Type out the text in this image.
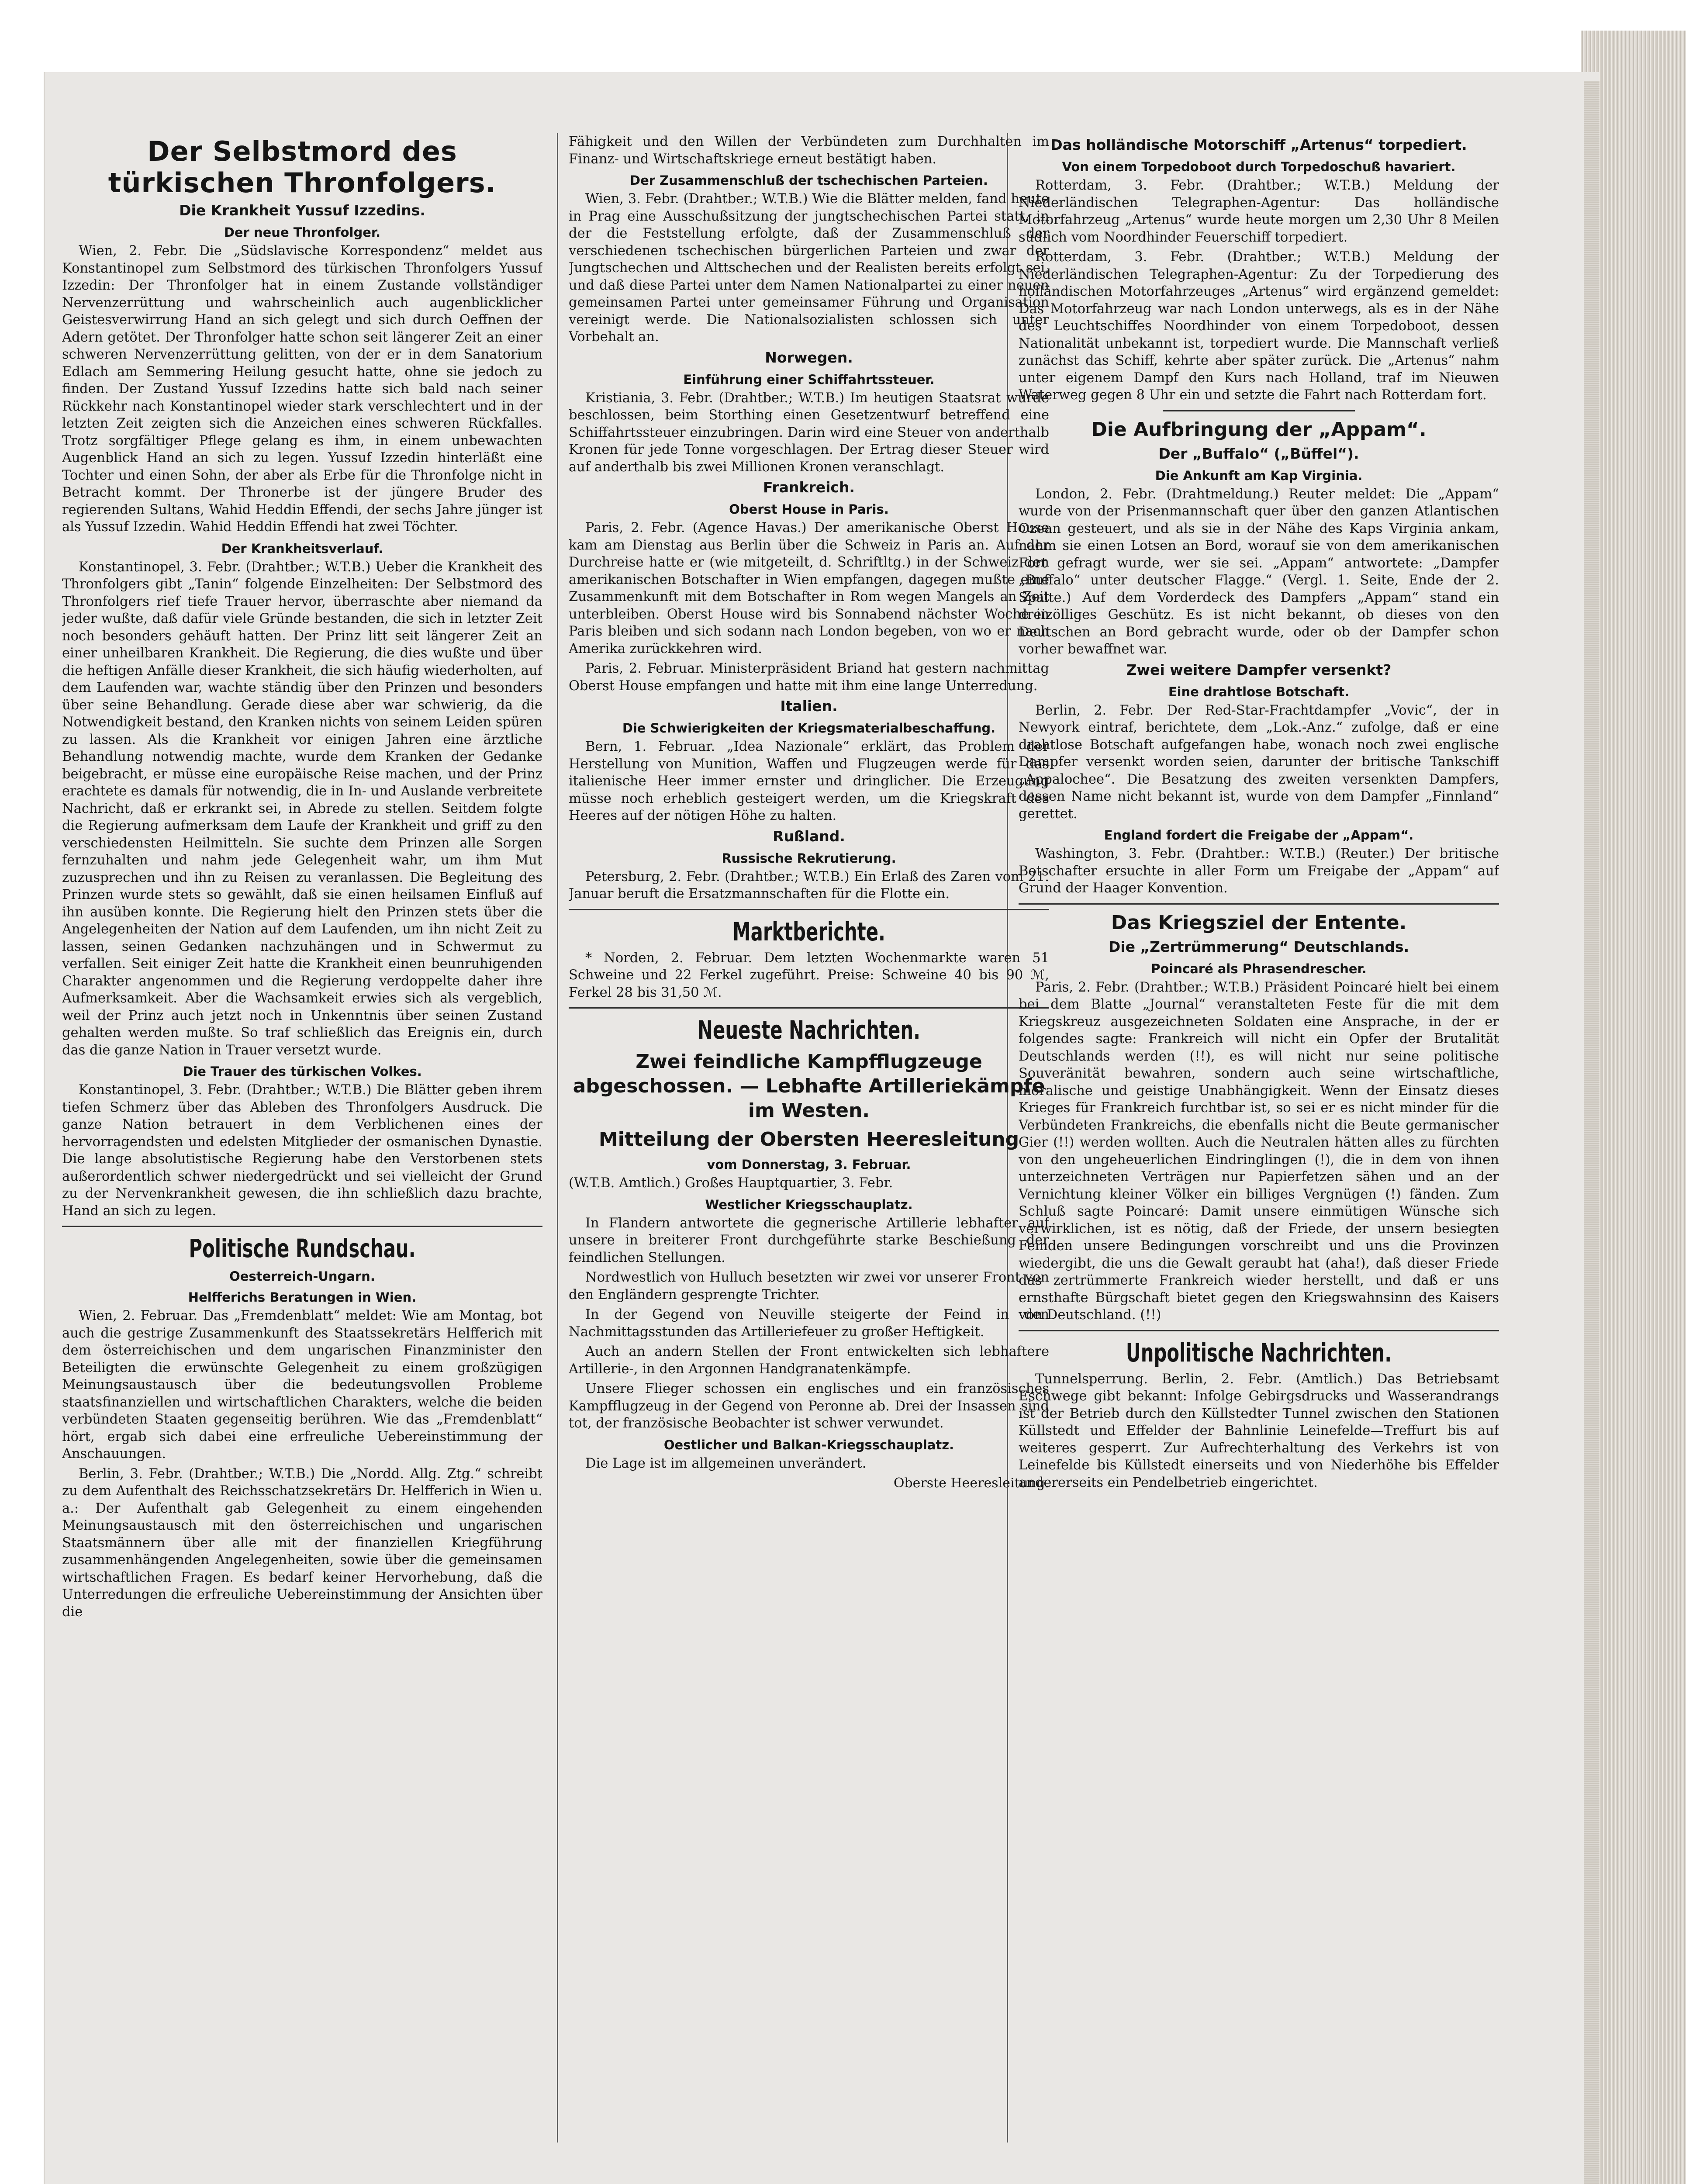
Der Selbstmord des türkischen Thronfolgers.
Die Krankheit Yussuf Izzedins.
Der neue Thronfolger.

Wien, 2. Febr. Die „Südslavische Korrespondenz“ meldet aus Konstantinopel zum Selbstmord des türkischen Thronfolgers Yussuf Izzedin: Der Thronfolger hat in einem Zustande vollständiger Nervenzerrüttung und wahrscheinlich auch augenblicklicher Geistesverwirrung Hand an sich gelegt und sich durch Oeffnen der Adern getötet. Der Thronfolger hatte schon seit längerer Zeit an einer schweren Nervenzerrüttung gelitten, von der er in dem Sanatorium Edlach am Semmering Heilung gesucht hatte, ohne sie jedoch zu finden. Der Zustand Yussuf Izzedins hatte sich bald nach seiner Rückkehr nach Konstantinopel wieder stark verschlechtert und in der letzten Zeit zeigten sich die Anzeichen eines schweren Rückfalles. Trotz sorgfältiger Pflege gelang es ihm, in einem unbewachten Augenblick Hand an sich zu legen. Yussuf Izzedin hinterläßt eine Tochter und einen Sohn, der aber als Erbe für die Thronfolge nicht in Betracht kommt. Der Thronerbe ist der jüngere Bruder des regierenden Sultans, Wahid Heddin Effendi, der sechs Jahre jünger ist als Yussuf Izzedin. Wahid Heddin Effendi hat zwei Töchter.

Der Krankheitsverlauf.

Konstantinopel, 3. Febr. (Drahtber.; W.T.B.) Ueber die Krankheit des Thronfolgers gibt „Tanin“ folgende Einzelheiten: Der Selbstmord des Thronfolgers rief tiefe Trauer hervor, überraschte aber niemand da jeder wußte, daß dafür viele Gründe bestanden, die sich in letzter Zeit noch besonders gehäuft hatten. Der Prinz litt seit längerer Zeit an einer unheilbaren Krankheit. Die Regierung, die dies wußte und über die heftigen Anfälle dieser Krankheit, die sich häufig wiederholten, auf dem Laufenden war, wachte ständig über den Prinzen und besonders über seine Behandlung. Gerade diese aber war schwierig, da die Notwendigkeit bestand, den Kranken nichts von seinem Leiden spüren zu lassen. Als die Krankheit vor einigen Jahren eine ärztliche Behandlung notwendig machte, wurde dem Kranken der Gedanke beigebracht, er müsse eine europäische Reise machen, und der Prinz erachtete es damals für notwendig, die in In- und Auslande verbreitete Nachricht, daß er erkrankt sei, in Abrede zu stellen. Seitdem folgte die Regierung aufmerksam dem Laufe der Krankheit und griff zu den verschiedensten Heilmitteln. Sie suchte dem Prinzen alle Sorgen fernzuhalten und nahm jede Gelegenheit wahr, um ihm Mut zuzusprechen und ihn zu Reisen zu veranlassen. Die Begleitung des Prinzen wurde stets so gewählt, daß sie einen heilsamen Einfluß auf ihn ausüben konnte. Die Regierung hielt den Prinzen stets über die Angelegenheiten der Nation auf dem Laufenden, um ihn nicht Zeit zu lassen, seinen Gedanken nachzuhängen und in Schwermut zu verfallen. Seit einiger Zeit hatte die Krankheit einen beunruhigenden Charakter angenommen und die Regierung verdoppelte daher ihre Aufmerksamkeit. Aber die Wachsamkeit erwies sich als vergeblich, weil der Prinz auch jetzt noch in Unkenntnis über seinen Zustand gehalten werden mußte. So traf schließlich das Ereignis ein, durch das die ganze Nation in Trauer versetzt wurde.

Die Trauer des türkischen Volkes.

Konstantinopel, 3. Febr. (Drahtber.; W.T.B.) Die Blätter geben ihrem tiefen Schmerz über das Ableben des Thronfolgers Ausdruck. Die ganze Nation betrauert in dem Verblichenen eines der hervorragendsten und edelsten Mitglieder der osmanischen Dynastie. Die lange absolutistische Regierung habe den Verstorbenen stets außerordentlich schwer niedergedrückt und sei vielleicht der Grund zu der Nervenkrankheit gewesen, die ihn schließlich dazu brachte, Hand an sich zu legen.

Politische Rundschau.
Oesterreich-Ungarn.
Helfferichs Beratungen in Wien.

Wien, 2. Februar. Das „Fremdenblatt“ meldet: Wie am Montag, bot auch die gestrige Zusammenkunft des Staatssekretärs Helfferich mit dem österreichischen und dem ungarischen Finanzminister den Beteiligten die erwünschte Gelegenheit zu einem großzügigen Meinungsaustausch über die bedeutungsvollen Probleme staatsfinanziellen und wirtschaftlichen Charakters, welche die beiden verbündeten Staaten gegenseitig berühren. Wie das „Fremdenblatt“ hört, ergab sich dabei eine erfreuliche Uebereinstimmung der Anschauungen.

Berlin, 3. Febr. (Drahtber.; W.T.B.) Die „Nordd. Allg. Ztg.“ schreibt zu dem Aufenthalt des Reichsschatzsekretärs Dr. Helfferich in Wien u. a.: Der Aufenthalt gab Gelegenheit zu einem eingehenden Meinungsaustausch mit den österreichischen und ungarischen Staatsmännern über alle mit der finanziellen Kriegführung zusammenhängenden Angelegenheiten, sowie über die gemeinsamen wirtschaftlichen Fragen. Es bedarf keiner Hervorhebung, daß die Unterredungen die erfreuliche Uebereinstimmung der Ansichten über die

Fähigkeit und den Willen der Verbündeten zum Durchhalten im Finanz- und Wirtschaftskriege erneut bestätigt haben.

Der Zusammenschluß der tschechischen Parteien.

Wien, 3. Febr. (Drahtber.; W.T.B.) Wie die Blätter melden, fand heute in Prag eine Ausschußsitzung der jungtschechischen Partei statt, in der die Feststellung erfolgte, daß der Zusammenschluß der verschiedenen tschechischen bürgerlichen Parteien und zwar der Jungtschechen und Alttschechen und der Realisten bereits erfolgt sei, und daß diese Partei unter dem Namen Nationalpartei zu einer neuen gemeinsamen Partei unter gemeinsamer Führung und Organisation vereinigt werde. Die Nationalsozialisten schlossen sich unter Vorbehalt an.

Norwegen.
Einführung einer Schiffahrtssteuer.

Kristiania, 3. Febr. (Drahtber.; W.T.B.) Im heutigen Staatsrat wurde beschlossen, beim Storthing einen Gesetzentwurf betreffend eine Schiffahrtssteuer einzubringen. Darin wird eine Steuer von anderthalb Kronen für jede Tonne vorgeschlagen. Der Ertrag dieser Steuer wird auf anderthalb bis zwei Millionen Kronen veranschlagt.

Frankreich.
Oberst House in Paris.

Paris, 2. Febr. (Agence Havas.) Der amerikanische Oberst House kam am Dienstag aus Berlin über die Schweiz in Paris an. Auf der Durchreise hatte er (wie mitgeteilt, d. Schriftltg.) in der Schweiz den amerikanischen Botschafter in Wien empfangen, dagegen mußte eine Zusammenkunft mit dem Botschafter in Rom wegen Mangels an Zeit unterbleiben. Oberst House wird bis Sonnabend nächster Woche in Paris bleiben und sich sodann nach London begeben, von wo er nach Amerika zurückkehren wird.

Paris, 2. Februar. Ministerpräsident Briand hat gestern nachmittag Oberst House empfangen und hatte mit ihm eine lange Unterredung.

Italien.
Die Schwierigkeiten der Kriegsmaterialbeschaffung.

Bern, 1. Februar. „Idea Nazionale“ erklärt, das Problem der Herstellung von Munition, Waffen und Flugzeugen werde für das italienische Heer immer ernster und dringlicher. Die Erzeugung müsse noch erheblich gesteigert werden, um die Kriegskraft des Heeres auf der nötigen Höhe zu halten.

Rußland.
Russische Rekrutierung.

Petersburg, 2. Febr. (Drahtber.; W.T.B.) Ein Erlaß des Zaren vom 21. Januar beruft die Ersatzmannschaften für die Flotte ein.

Marktberichte.

* Norden, 2. Februar. Dem letzten Wochenmarkte waren 51 Schweine und 22 Ferkel zugeführt. Preise: Schweine 40 bis 90 ℳ, Ferkel 28 bis 31,50 ℳ.

Neueste Nachrichten.
Zwei feindliche Kampfflugzeuge abgeschossen. — Lebhafte Artilleriekämpfe im Westen.
Mitteilung der Obersten Heeresleitung
vom Donnerstag, 3. Februar.

(W.T.B. Amtlich.) Großes Hauptquartier, 3. Febr.

Westlicher Kriegsschauplatz.

In Flandern antwortete die gegnerische Artillerie lebhafter auf unsere in breiterer Front durchgeführte starke Beschießung der feindlichen Stellungen.

Nordwestlich von Hulluch besetzten wir zwei vor unserer Front von den Engländern gesprengte Trichter.

In der Gegend von Neuville steigerte der Feind in den Nachmittagsstunden das Artilleriefeuer zu großer Heftigkeit.

Auch an andern Stellen der Front entwickelten sich lebhaftere Artillerie-, in den Argonnen Handgranatenkämpfe.

Unsere Flieger schossen ein englisches und ein französisches Kampfflugzeug in der Gegend von Peronne ab. Drei der Insassen sind tot, der französische Beobachter ist schwer verwundet.

Oestlicher und Balkan-Kriegsschauplatz.

Die Lage ist im allgemeinen unverändert.

Oberste Heeresleitung.
Das holländische Motorschiff „Artenus“ torpediert.
Von einem Torpedoboot durch Torpedoschuß havariert.

Rotterdam, 3. Febr. (Drahtber.; W.T.B.) Meldung der Niederländischen Telegraphen-Agentur: Das holländische Motorfahrzeug „Artenus“ wurde heute morgen um 2,30 Uhr 8 Meilen südlich vom Noordhinder Feuerschiff torpediert.

Rotterdam, 3. Febr. (Drahtber.; W.T.B.) Meldung der Niederländischen Telegraphen-Agentur: Zu der Torpedierung des holländischen Motorfahrzeuges „Artenus“ wird ergänzend gemeldet: Das Motorfahrzeug war nach London unterwegs, als es in der Nähe des Leuchtschiffes Noordhinder von einem Torpedoboot, dessen Nationalität unbekannt ist, torpediert wurde. Die Mannschaft verließ zunächst das Schiff, kehrte aber später zurück. Die „Artenus“ nahm unter eigenem Dampf den Kurs nach Holland, traf im Nieuwen Waterweg gegen 8 Uhr ein und setzte die Fahrt nach Rotterdam fort.

Die Aufbringung der „Appam“.
Der „Buffalo“ („Büffel“).
Die Ankunft am Kap Virginia.

London, 2. Febr. (Drahtmeldung.) Reuter meldet: Die „Appam“ wurde von der Prisenmannschaft quer über den ganzen Atlantischen Ozean gesteuert, und als sie in der Nähe des Kaps Virginia ankam, nahm sie einen Lotsen an Bord, worauf sie von dem amerikanischen Fort gefragt wurde, wer sie sei. „Appam“ antwortete: „Dampfer „Buffalo“ unter deutscher Flagge.“ (Vergl. 1. Seite, Ende der 2. Spalte.) Auf dem Vorderdeck des Dampfers „Appam“ stand ein dreizölliges Geschütz. Es ist nicht bekannt, ob dieses von den Deutschen an Bord gebracht wurde, oder ob der Dampfer schon vorher bewaffnet war.

Zwei weitere Dampfer versenkt?
Eine drahtlose Botschaft.

Berlin, 2. Febr. Der Red-Star-Frachtdampfer „Vovic“, der in Newyork eintraf, berichtete, dem „Lok.-Anz.“ zufolge, daß er eine drahtlose Botschaft aufgefangen habe, wonach noch zwei englische Dampfer versenkt worden seien, darunter der britische Tankschiff „Appalochee“. Die Besatzung des zweiten versenkten Dampfers, dessen Name nicht bekannt ist, wurde von dem Dampfer „Finnland“ gerettet.

England fordert die Freigabe der „Appam“.

Washington, 3. Febr. (Drahtber.: W.T.B.) (Reuter.) Der britische Botschafter ersuchte in aller Form um Freigabe der „Appam“ auf Grund der Haager Konvention.

Das Kriegsziel der Entente.
Die „Zertrümmerung“ Deutschlands.
Poincaré als Phrasendrescher.

Paris, 2. Febr. (Drahtber.; W.T.B.) Präsident Poincaré hielt bei einem bei dem Blatte „Journal“ veranstalteten Feste für die mit dem Kriegskreuz ausgezeichneten Soldaten eine Ansprache, in der er folgendes sagte: Frankreich will nicht ein Opfer der Brutalität Deutschlands werden (!!), es will nicht nur seine politische Souveränität bewahren, sondern auch seine wirtschaftliche, moralische und geistige Unabhängigkeit. Wenn der Einsatz dieses Krieges für Frankreich furchtbar ist, so sei er es nicht minder für die Verbündeten Frankreichs, die ebenfalls nicht die Beute germanischer Gier (!!) werden wollten. Auch die Neutralen hätten alles zu fürchten von den ungeheuerlichen Eindringlingen (!), die in dem von ihnen unterzeichneten Verträgen nur Papierfetzen sähen und an der Vernichtung kleiner Völker ein billiges Vergnügen (!) fänden. Zum Schluß sagte Poincaré: Damit unsere einmütigen Wünsche sich verwirklichen, ist es nötig, daß der Friede, der unsern besiegten Feinden unsere Bedingungen vorschreibt und uns die Provinzen wiedergibt, die uns die Gewalt geraubt hat (aha!), daß dieser Friede das zertrümmerte Frankreich wieder herstellt, und daß er uns ernsthafte Bürgschaft bietet gegen den Kriegswahnsinn des Kaisers von Deutschland. (!!)

Unpolitische Nachrichten.

Tunnelsperrung. Berlin, 2. Febr. (Amtlich.) Das Betriebsamt Eschwege gibt bekannt: Infolge Gebirgsdrucks und Wasserandrangs ist der Betrieb durch den Küllstedter Tunnel zwischen den Stationen Küllstedt und Effelder der Bahnlinie Leinefelde—Treffurt bis auf weiteres gesperrt. Zur Aufrechterhaltung des Verkehrs ist von Leinefelde bis Küllstedt einerseits und von Niederhöhe bis Effelder andererseits ein Pendelbetrieb eingerichtet.
